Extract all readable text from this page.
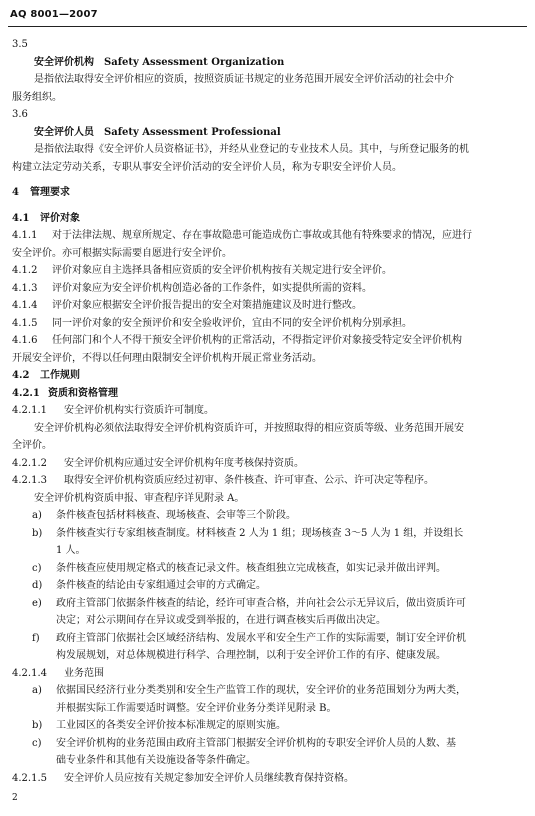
AQ 8001—2007

3.5

安全评价机构 Safety Assessment Organization

是指依法取得安全评价相应的资质，按照资质证书规定的业务范围开展安全评价活动的社会中介

服务组织。

3.6

安全评价人员 Safety Assessment Professional

是指依法取得《安全评价人员资格证书》，并经从业登记的专业技术人员。其中，与所登记服务的机

构建立法定劳动关系，专职从事安全评价活动的安全评价人员，称为专职安全评价人员。

4 管理要求

4.1 评价对象

4.1.1 对于法律法规、规章所规定、存在事故隐患可能造成伤亡事故或其他有特殊要求的情况，应进行

安全评价。亦可根据实际需要自愿进行安全评价。

4.1.2 评价对象应自主选择具备相应资质的安全评价机构按有关规定进行安全评价。

4.1.3 评价对象应为安全评价机构创造必备的工作条件，如实提供所需的资料。

4.1.4 评价对象应根据安全评价报告提出的安全对策措施建议及时进行整改。

4.1.5 同一评价对象的安全预评价和安全验收评价，宜由不同的安全评价机构分别承担。

4.1.6 任何部门和个人不得干预安全评价机构的正常活动，不得指定评价对象接受特定安全评价机构

开展安全评价，不得以任何理由限制安全评价机构开展正常业务活动。

4.2 工作规则

4.2.1 资质和资格管理

4.2.1.1 安全评价机构实行资质许可制度。

安全评价机构必须依法取得安全评价机构资质许可，并按照取得的相应资质等级、业务范围开展安

全评价。

4.2.1.2 安全评价机构应通过安全评价机构年度考核保持资质。

4.2.1.3 取得安全评价机构资质应经过初审、条件核查、许可审查、公示、许可决定等程序。

安全评价机构资质申报、审查程序详见附录 A。

a) 条件核查包括材料核查、现场核查、会审等三个阶段。

b) 条件核查实行专家组核查制度。材料核查 2 人为 1 组；现场核查 3～5 人为 1 组，并设组长

1 人。

c) 条件核查应使用规定格式的核查记录文件。核查组独立完成核查，如实记录并做出评判。

d) 条件核查的结论由专家组通过会审的方式确定。

e) 政府主管部门依据条件核查的结论，经许可审查合格，并向社会公示无异议后，做出资质许可

决定；对公示期间存在异议或受到举报的，在进行调查核实后再做出决定。

f) 政府主管部门依据社会区域经济结构、发展水平和安全生产工作的实际需要，制订安全评价机

构发展规划，对总体规模进行科学、合理控制，以利于安全评价工作的有序、健康发展。

4.2.1.4 业务范围

a) 依据国民经济行业分类类别和安全生产监管工作的现状，安全评价的业务范围划分为两大类，

并根据实际工作需要适时调整。安全评价业务分类详见附录 B。

b) 工业园区的各类安全评价按本标准规定的原则实施。

c) 安全评价机构的业务范围由政府主管部门根据安全评价机构的专职安全评价人员的人数、基

础专业条件和其他有关设施设备等条件确定。

4.2.1.5 安全评价人员应按有关规定参加安全评价人员继续教育保持资格。

2
